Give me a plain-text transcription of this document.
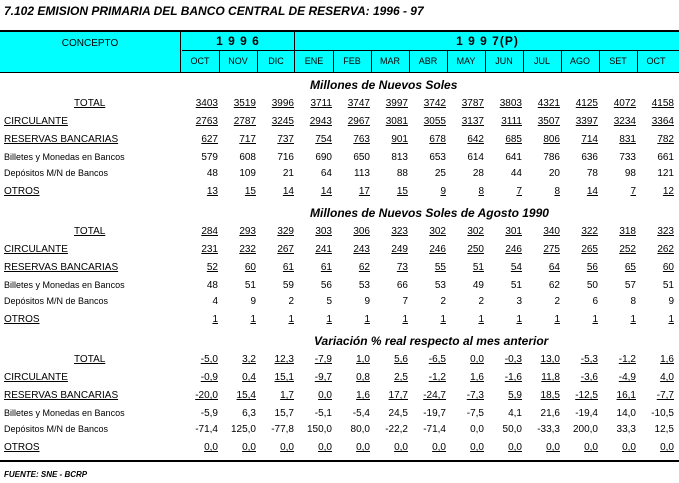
7.102 EMISION PRIMARIA DEL BANCO CENTRAL DE RESERVA: 1996 - 97
CONCEPTO	1 9 9 6	1 9 9 7(P)
OCT	NOV	DIC	ENE	FEB	MAR	ABR	MAY	JUN	JUL	AGO	SET	OCT
Millones de Nuevos Soles
TOTAL	3403	3519	3996	3711	3747	3997	3742	3787	3803	4321	4125	4072	4158
CIRCULANTE	2763	2787	3245	2943	2967	3081	3055	3137	3111	3507	3397	3234	3364
RESERVAS BANCARIAS	627	717	737	754	763	901	678	642	685	806	714	831	782
Billetes y Monedas en Bancos	579	608	716	690	650	813	653	614	641	786	636	733	661
Depósitos M/N de Bancos	48	109	21	64	113	88	25	28	44	20	78	98	121
OTROS	13	15	14	14	17	15	9	8	7	8	14	7	12
Millones de Nuevos Soles de Agosto 1990
TOTAL	284	293	329	303	306	323	302	302	301	340	322	318	323
CIRCULANTE	231	232	267	241	243	249	246	250	246	275	265	252	262
RESERVAS BANCARIAS	52	60	61	61	62	73	55	51	54	64	56	65	60
Billetes y Monedas en Bancos	48	51	59	56	53	66	53	49	51	62	50	57	51
Depósitos M/N de Bancos	4	9	2	5	9	7	2	2	3	2	6	8	9
OTROS	1	1	1	1	1	1	1	1	1	1	1	1	1
Variación % real respecto al mes anterior
TOTAL	-5,0	3,2	12,3	-7,9	1,0	5,6	-6,5	0,0	-0,3	13,0	-5,3	-1,2	1,6
CIRCULANTE	-0,9	0,4	15,1	-9,7	0,8	2,5	-1,2	1,6	-1,6	11,8	-3,6	-4,9	4,0
RESERVAS BANCARIAS	-20,0	15,4	1,7	0,0	1,6	17,7	-24,7	-7,3	5,9	18,5	-12,5	16,1	-7,7
Billetes y Monedas en Bancos	-5,9	6,3	15,7	-5,1	-5,4	24,5	-19,7	-7,5	4,1	21,6	-19,4	14,0	-10,5
Depósitos M/N de Bancos	-71,4	125,0	-77,8	150,0	80,0	-22,2	-71,4	0,0	50,0	-33,3	200,0	33,3	12,5
OTROS	0,0	0,0	0,0	0,0	0,0	0,0	0,0	0,0	0,0	0,0	0,0	0,0	0,0
FUENTE: SNE - BCRP
